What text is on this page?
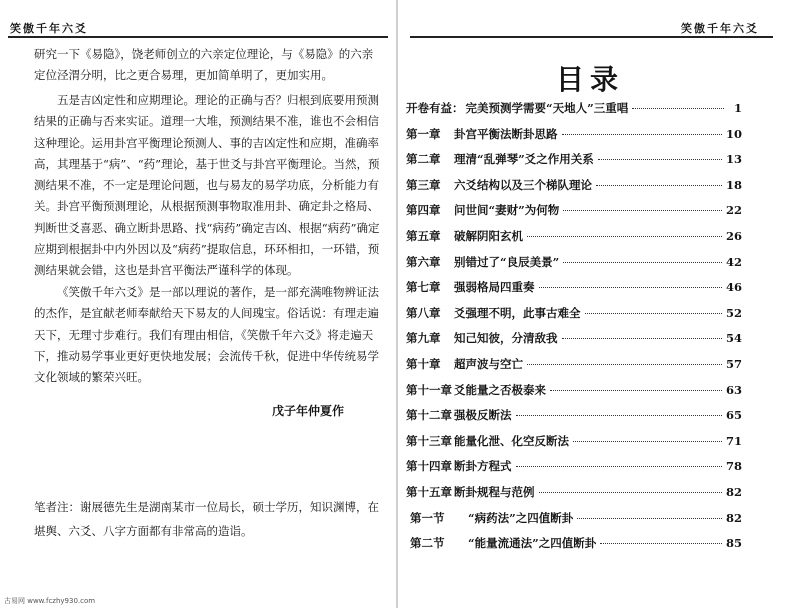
笑傲千年六爻

研究一下《易隐》，饶老师创立的六亲定位理论，与《易隐》的六亲定位泾渭分明，比之更合易理，更加简单明了，更加实用。

五是吉凶定性和应期理论。理论的正确与否？归根到底要用预测结果的正确与否来实证。道理一大堆，预测结果不准，谁也不会相信这种理论。运用卦宫平衡理论预测人、事的吉凶定性和应期，准确率高，其理基于“病”、“药”理论，基于世爻与卦宫平衡理论。当然，预测结果不准，不一定是理论问题，也与易友的易学功底，分析能力有关。卦宫平衡预测理论，从根据预测事物取准用卦、确定卦之格局、判断世爻喜恶、确立断卦思路、找“病药”确定吉凶、根据“病药”确定应期到根据卦中内外因以及“病药”提取信息，环环相扣，一环错，预测结果就会错，这也是卦宫平衡法严谨科学的体现。

《笑傲千年六爻》是一部以理说的著作，是一部充满唯物辨证法的杰作，是宜献老师奉献给天下易友的人间瑰宝。俗话说：有理走遍天下，无理寸步难行。我们有理由相信，《笑傲千年六爻》将走遍天下，推动易学事业更好更快地发展；会流传千秋，促进中华传统易学文化领域的繁荣兴旺。

戊子年仲夏作

笔者注：谢展德先生是湖南某市一位局长，硕士学历，知识渊博，在堪舆、六爻、八字方面都有非常高的造诣。

笑傲千年六爻
目录
开卷有益： 完美预测学需要“天地人”三重唱	1
第一章	卦宫平衡法断卦思路	10
第二章	理清“乱弹琴”爻之作用关系	13
第三章	六爻结构以及三个梯队理论	18
第四章	问世间“妻财”为何物	22
第五章	破解阴阳玄机	26
第六章	别错过了“良辰美景”	42
第七章	强弱格局四重奏	46
第八章	爻强理不明，此事古难全	52
第九章	知己知彼，分清敌我	54
第十章	超声波与空亡	57
第十一章 爻能量之否极泰来	63
第十二章 强极反断法	65
第十三章 能量化泄、化空反断法	71
第十四章 断卦方程式	78
第十五章 断卦规程与范例	82
第一节	“病药法”之四值断卦	82
第二节	“能量流通法”之四值断卦	85
古易网 www.fczhy930.com
